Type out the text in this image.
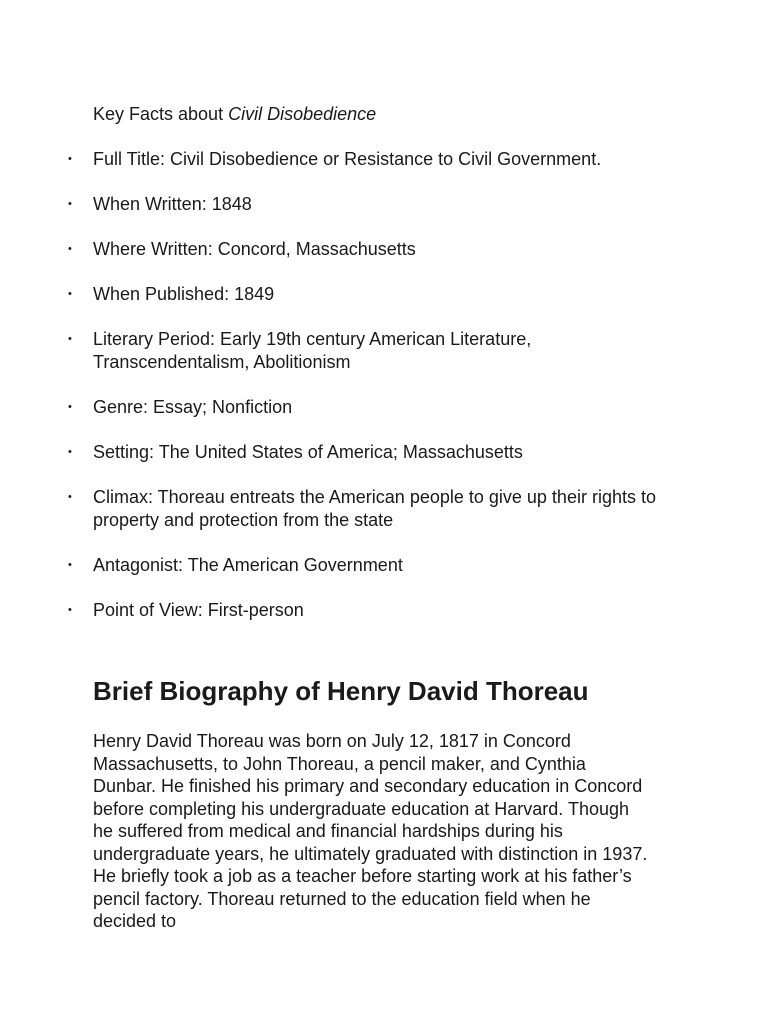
Key Facts about Civil Disobedience

• Full Title: Civil Disobedience or Resistance to Civil Government.
• When Written: 1848
• Where Written: Concord, Massachusetts
• When Published: 1849
• Literary Period: Early 19th century American Literature, Transcendentalism, Abolitionism
• Genre: Essay; Nonfiction
• Setting: The United States of America; Massachusetts
• Climax: Thoreau entreats the American people to give up their rights to property and protection from the state
• Antagonist: The American Government
• Point of View: First-person
Brief Biography of Henry David Thoreau

Henry David Thoreau was born on July 12, 1817 in Concord Massachusetts, to John Thoreau, a pencil maker, and Cynthia Dunbar. He finished his primary and secondary education in Concord before completing his undergraduate education at Harvard. Though he suffered from medical and financial hardships during his undergraduate years, he ultimately graduated with distinction in 1937. He briefly took a job as a teacher before starting work at his father’s pencil factory. Thoreau returned to the education field when he decided to
